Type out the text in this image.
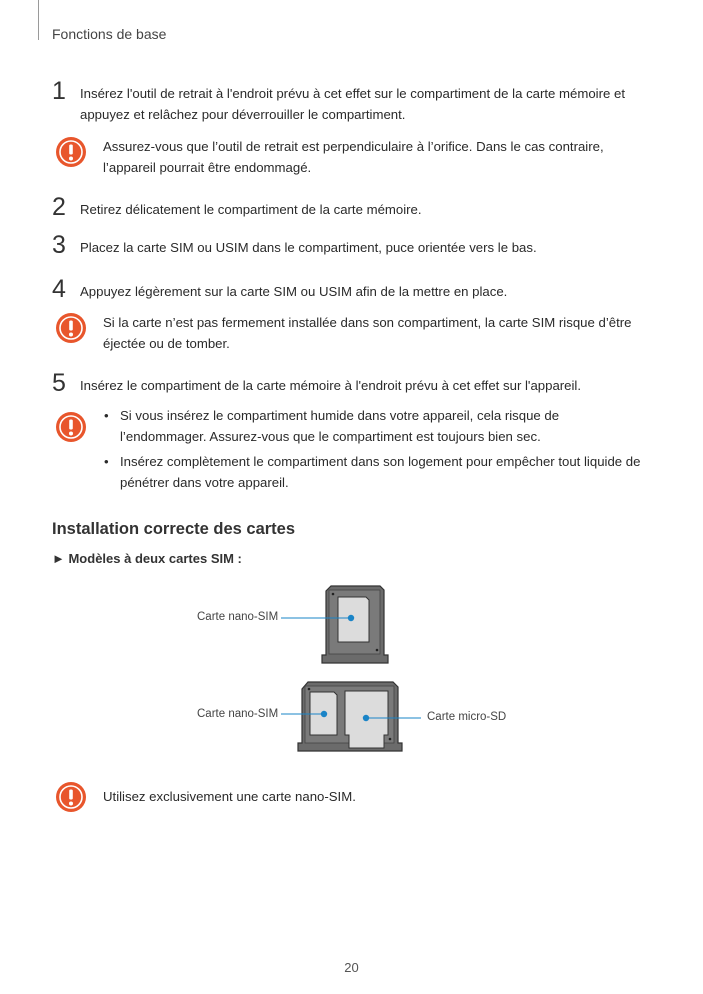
Fonctions de base
1 Insérez l'outil de retrait à l'endroit prévu à cet effet sur le compartiment de la carte mémoire et appuyez et relâchez pour déverrouiller le compartiment.
Assurez-vous que l’outil de retrait est perpendiculaire à l’orifice. Dans le cas contraire, l’appareil pourrait être endommagé.
2 Retirez délicatement le compartiment de la carte mémoire.
3 Placez la carte SIM ou USIM dans le compartiment, puce orientée vers le bas.
4 Appuyez légèrement sur la carte SIM ou USIM afin de la mettre en place.
Si la carte n’est pas fermement installée dans son compartiment, la carte SIM risque d’être éjectée ou de tomber.
5 Insérez le compartiment de la carte mémoire à l'endroit prévu à cet effet sur l'appareil.
• Si vous insérez le compartiment humide dans votre appareil, cela risque de l’endommager. Assurez-vous que le compartiment est toujours bien sec.
• Insérez complètement le compartiment dans son logement pour empêcher tout liquide de pénétrer dans votre appareil.
Installation correcte des cartes
► Modèles à deux cartes SIM :
Carte nano-SIM
Carte nano-SIM	Carte micro-SD
Utilisez exclusivement une carte nano-SIM.
20
